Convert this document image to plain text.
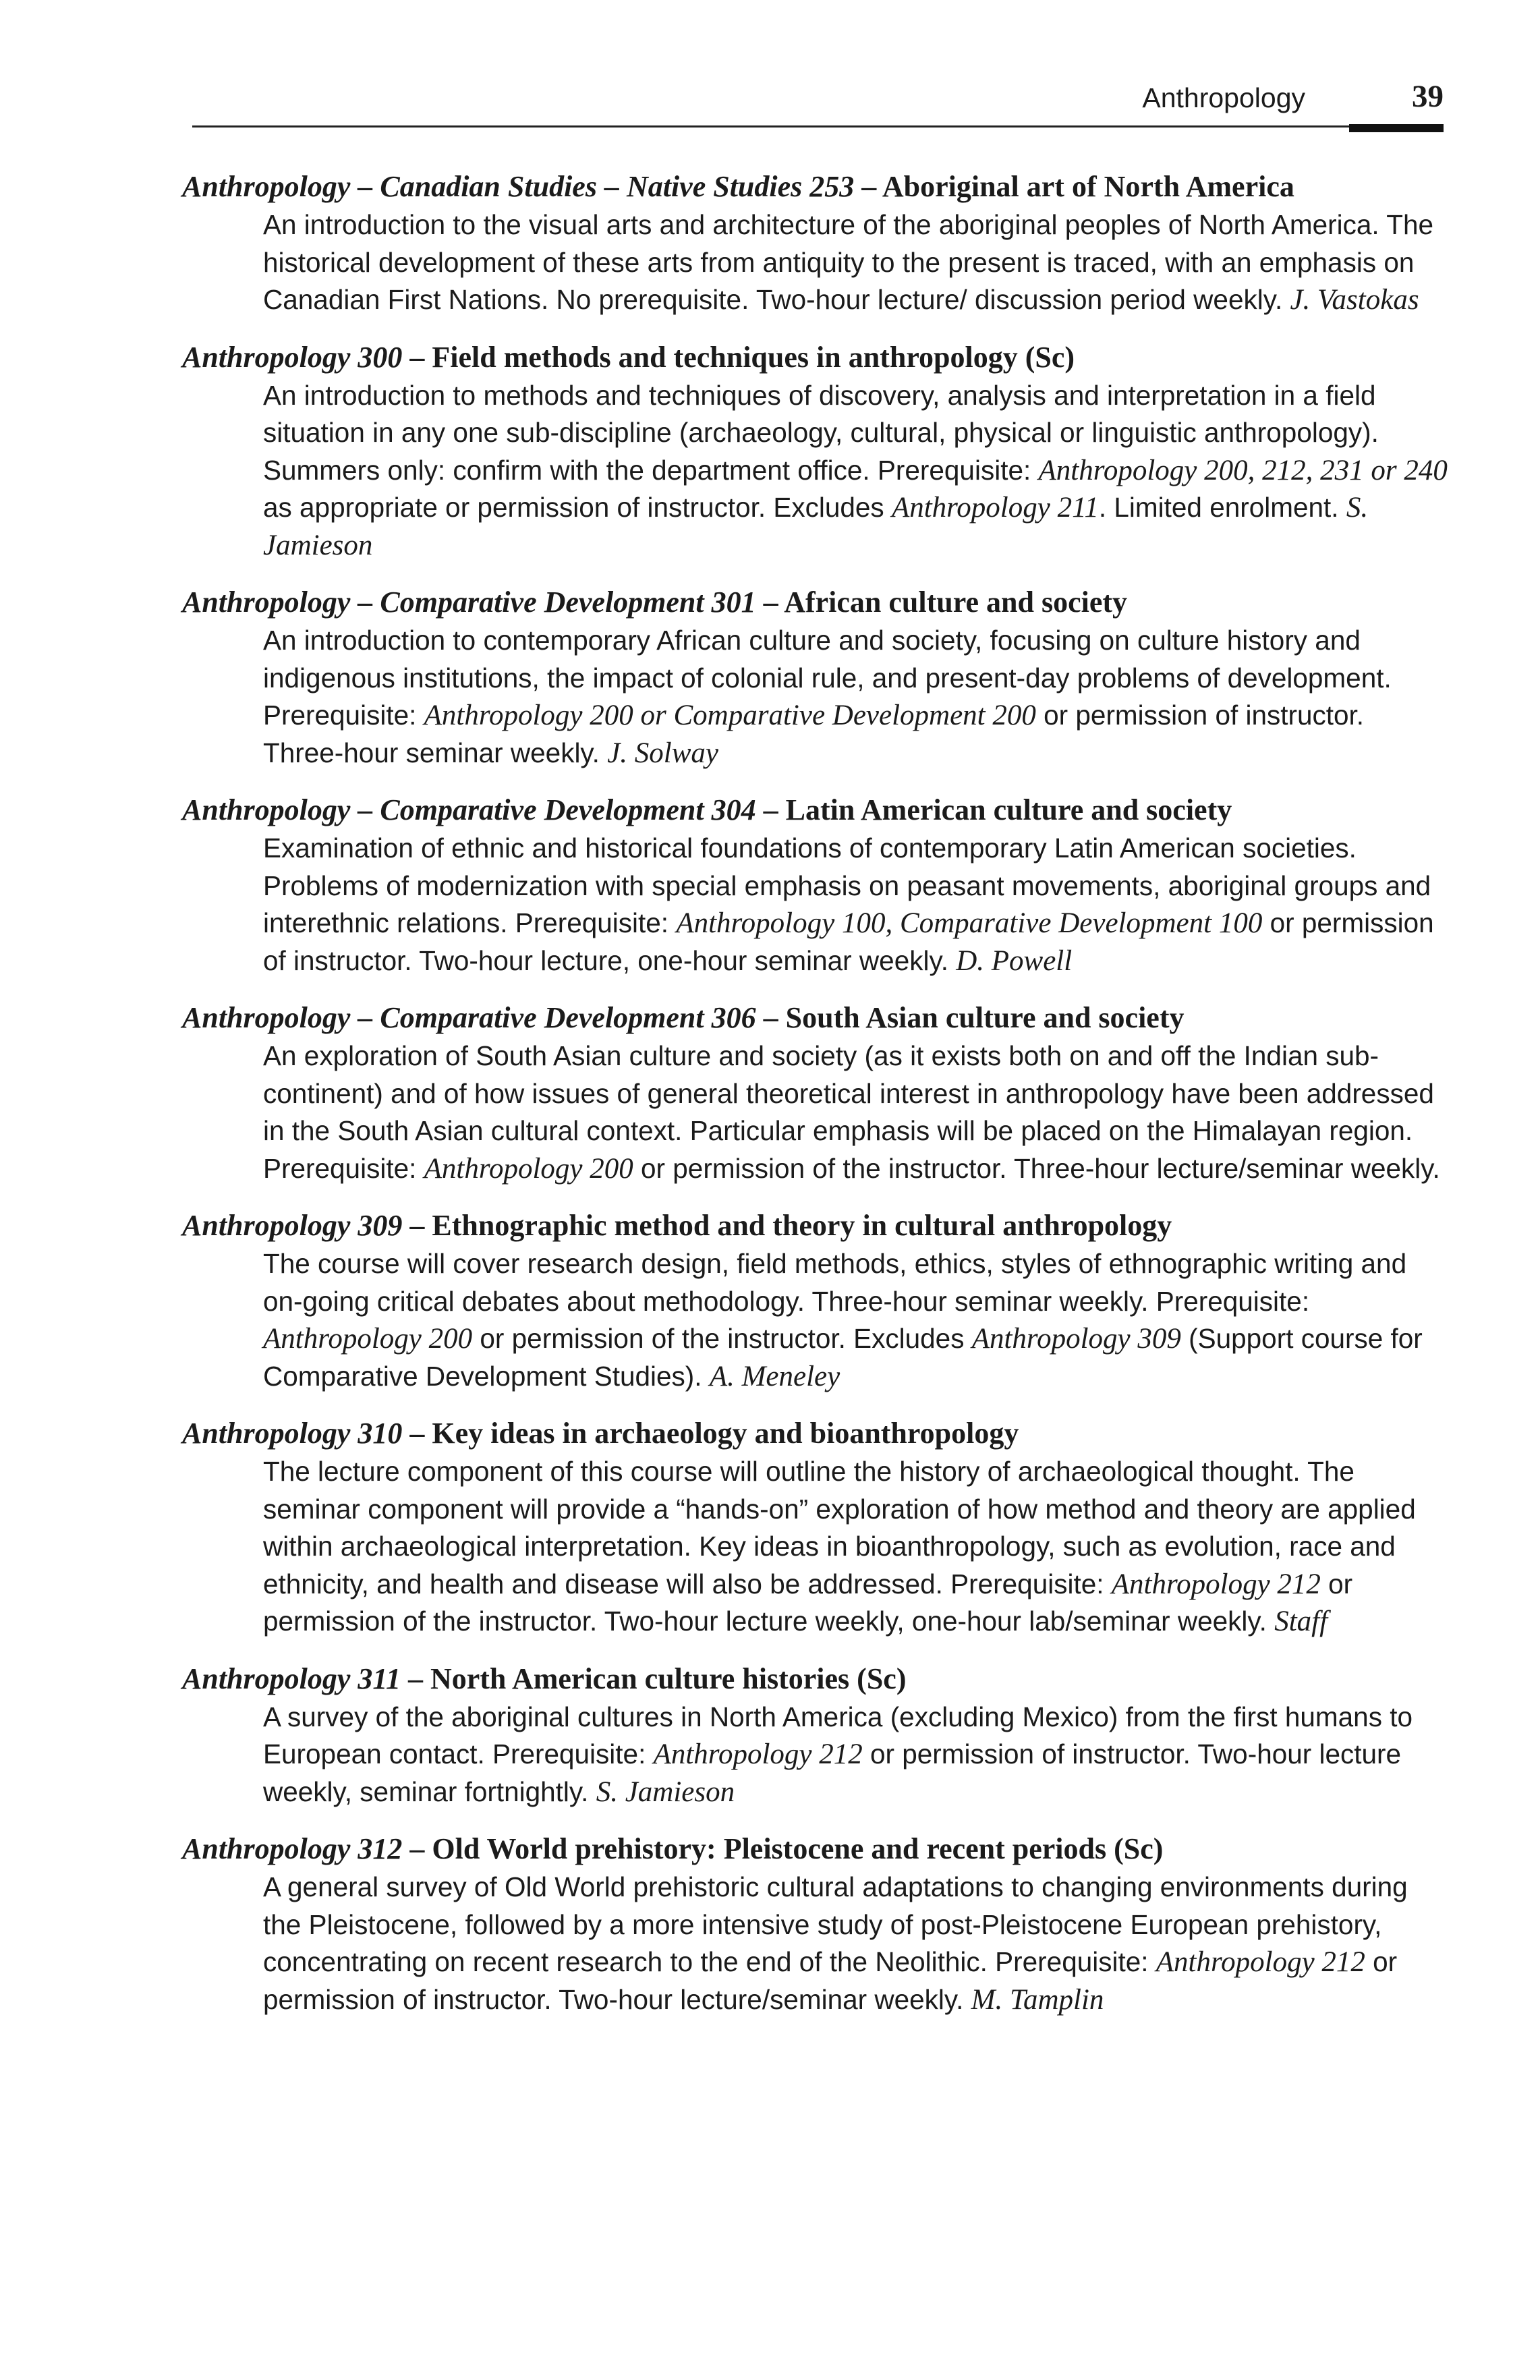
Anthropology	39
Anthropology – Canadian Studies – Native Studies 253 – Aboriginal art of North America
An introduction to the visual arts and architecture of the aboriginal peoples of North America. The historical development of these arts from antiquity to the present is traced, with an emphasis on Canadian First Nations. No prerequisite. Two-hour lecture/ discussion period weekly. J. Vastokas
Anthropology 300 – Field methods and techniques in anthropology (Sc)
An introduction to methods and techniques of discovery, analysis and interpretation in a field situation in any one sub-discipline (archaeology, cultural, physical or linguistic anthropology). Summers only: confirm with the department office. Prerequisite: Anthropology 200, 212, 231 or 240 as appropriate or permission of instructor. Excludes Anthropology 211. Limited enrolment. S. Jamieson
Anthropology – Comparative Development 301 – African culture and society
An introduction to contemporary African culture and society, focusing on culture history and indigenous institutions, the impact of colonial rule, and present-day problems of development. Prerequisite: Anthropology 200 or Comparative Development 200 or permission of instructor. Three-hour seminar weekly. J. Solway
Anthropology – Comparative Development 304 – Latin American culture and society
Examination of ethnic and historical foundations of contemporary Latin American societies. Problems of modernization with special emphasis on peasant movements, aboriginal groups and interethnic relations. Prerequisite: Anthropology 100, Comparative Development 100 or permission of instructor. Two-hour lecture, one-hour seminar weekly. D. Powell
Anthropology – Comparative Development 306 – South Asian culture and society
An exploration of South Asian culture and society (as it exists both on and off the Indian sub-continent) and of how issues of general theoretical interest in anthropology have been addressed in the South Asian cultural context. Particular emphasis will be placed on the Himalayan region. Prerequisite: Anthropology 200 or permission of the instructor. Three-hour lecture/seminar weekly.
Anthropology 309 – Ethnographic method and theory in cultural anthropology
The course will cover research design, field methods, ethics, styles of ethnographic writing and on-going critical debates about methodology. Three-hour seminar weekly. Prerequisite: Anthropology 200 or permission of the instructor. Excludes Anthropology 309 (Support course for Comparative Development Studies). A. Meneley
Anthropology 310 – Key ideas in archaeology and bioanthropology
The lecture component of this course will outline the history of archaeological thought. The seminar component will provide a “hands-on” exploration of how method and theory are applied within archaeological interpretation. Key ideas in bioanthropology, such as evolution, race and ethnicity, and health and disease will also be addressed. Prerequisite: Anthropology 212 or permission of the instructor. Two-hour lecture weekly, one-hour lab/seminar weekly. Staff
Anthropology 311 – North American culture histories (Sc)
A survey of the aboriginal cultures in North America (excluding Mexico) from the first humans to European contact. Prerequisite: Anthropology 212 or permission of instructor. Two-hour lecture weekly, seminar fortnightly. S. Jamieson
Anthropology 312 – Old World prehistory: Pleistocene and recent periods (Sc)
A general survey of Old World prehistoric cultural adaptations to changing environments during the Pleistocene, followed by a more intensive study of post-Pleistocene European prehistory, concentrating on recent research to the end of the Neolithic. Prerequisite: Anthropology 212 or permission of instructor. Two-hour lecture/seminar weekly. M. Tamplin
